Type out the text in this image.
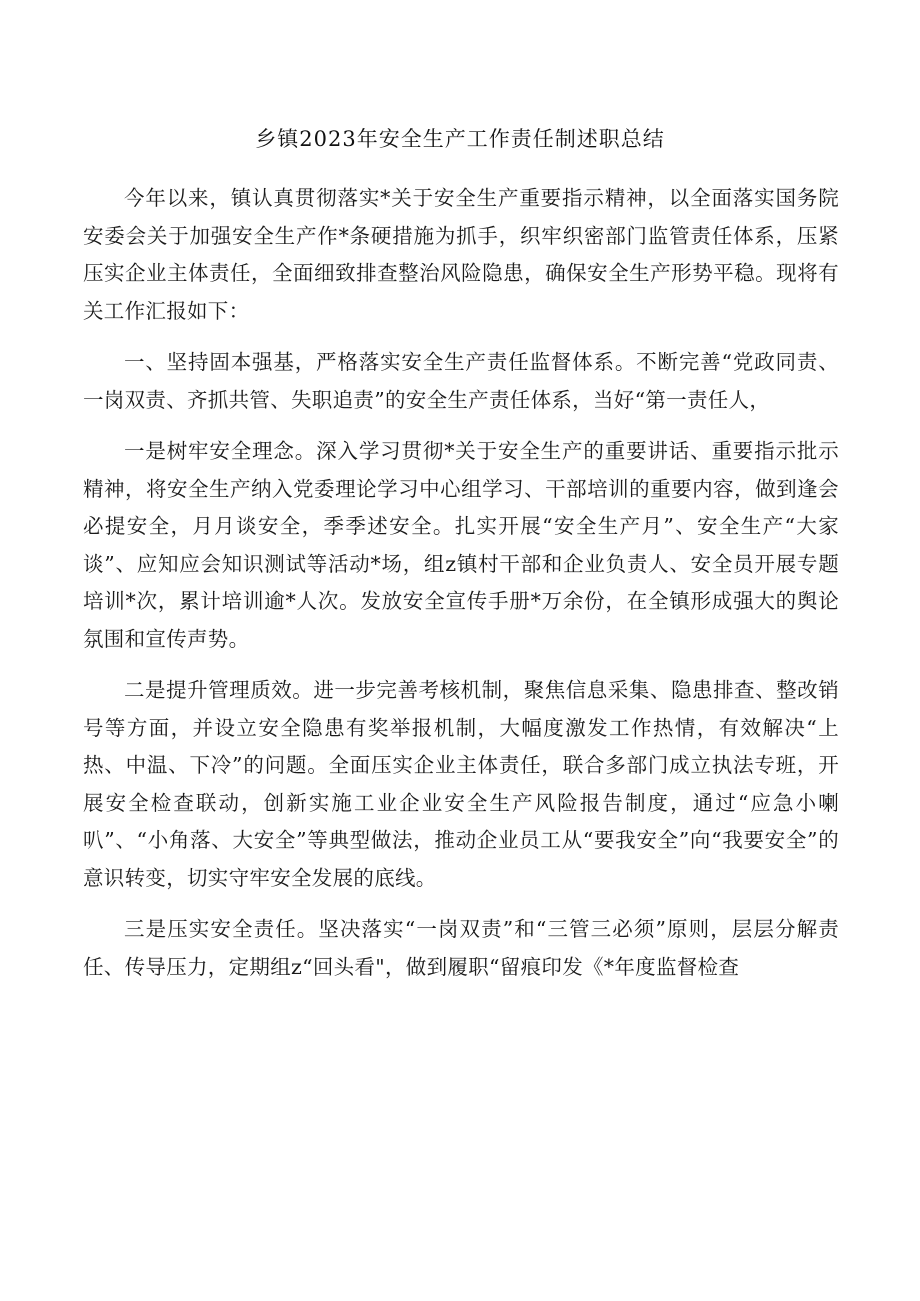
乡镇2023年安全生产工作责任制述职总结

今年以来，镇认真贯彻落实*关于安全生产重要指示精神，以全面落实国务院安委会关于加强安全生产作*条硬措施为抓手，织牢织密部门监管责任体系，压紧压实企业主体责任，全面细致排查整治风险隐患，确保安全生产形势平稳。现将有关工作汇报如下：

一、坚持固本强基，严格落实安全生产责任监督体系。不断完善“党政同责、一岗双责、齐抓共管、失职追责”的安全生产责任体系，当好“第一责任人，

一是树牢安全理念。深入学习贯彻*关于安全生产的重要讲话、重要指示批示精神，将安全生产纳入党委理论学习中心组学习、干部培训的重要内容，做到逢会必提安全，月月谈安全，季季述安全。扎实开展“安全生产月”、安全生产“大家谈”、应知应会知识测试等活动*场，组z镇村干部和企业负责人、安全员开展专题培训*次，累计培训逾*人次。发放安全宣传手册*万余份，在全镇形成强大的舆论氛围和宣传声势。

二是提升管理质效。进一步完善考核机制，聚焦信息采集、隐患排查、整改销号等方面，并设立安全隐患有奖举报机制，大幅度激发工作热情，有效解决“上热、中温、下冷”的问题。全面压实企业主体责任，联合多部门成立执法专班，开展安全检查联动，创新实施工业企业安全生产风险报告制度，通过“应急小喇叭”、“小角落、大安全”等典型做法，推动企业员工从“要我安全”向“我要安全”的意识转变，切实守牢安全发展的底线。

三是压实安全责任。坚决落实“一岗双责”和“三管三必须”原则，层层分解责任、传导压力，定期组z“回头看"，做到履职“留痕印发《*年度监督检查
